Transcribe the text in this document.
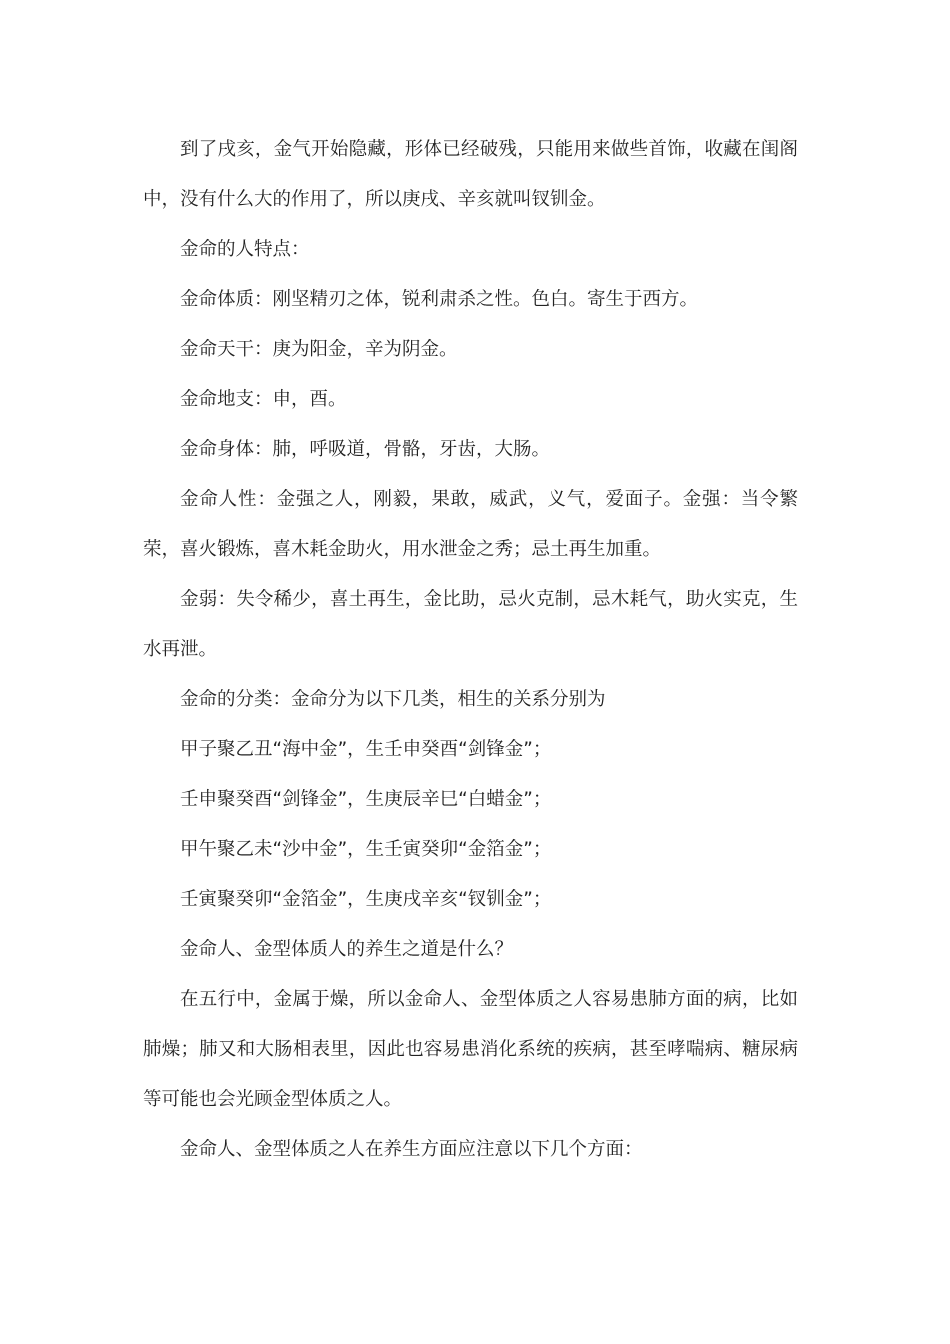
到了戌亥，金气开始隐藏，形体已经破残，只能用来做些首饰，收藏在闺阁中，没有什么大的作用了，所以庚戌、辛亥就叫钗钏金。

金命的人特点：

金命体质：刚坚精刃之体，锐利肃杀之性。色白。寄生于西方。

金命天干：庚为阳金，辛为阴金。

金命地支：申，酉。

金命身体：肺，呼吸道，骨骼，牙齿，大肠。

金命人性：金强之人，刚毅，果敢，威武，义气，爱面子。金强：当令繁荣，喜火锻炼，喜木耗金助火，用水泄金之秀；忌土再生加重。

金弱：失令稀少，喜土再生，金比助，忌火克制，忌木耗气，助火实克，生水再泄。

金命的分类：金命分为以下几类，相生的关系分别为

甲子聚乙丑“海中金”，生壬申癸酉“剑锋金”；

壬申聚癸酉“剑锋金”，生庚辰辛巳“白蜡金”；

甲午聚乙未“沙中金”，生壬寅癸卯“金箔金”；

壬寅聚癸卯“金箔金”，生庚戌辛亥“钗钏金”；

金命人、金型体质人的养生之道是什么？

在五行中，金属于燥，所以金命人、金型体质之人容易患肺方面的病，比如肺燥；肺又和大肠相表里，因此也容易患消化系统的疾病，甚至哮喘病、糖尿病等可能也会光顾金型体质之人。

金命人、金型体质之人在养生方面应注意以下几个方面：
